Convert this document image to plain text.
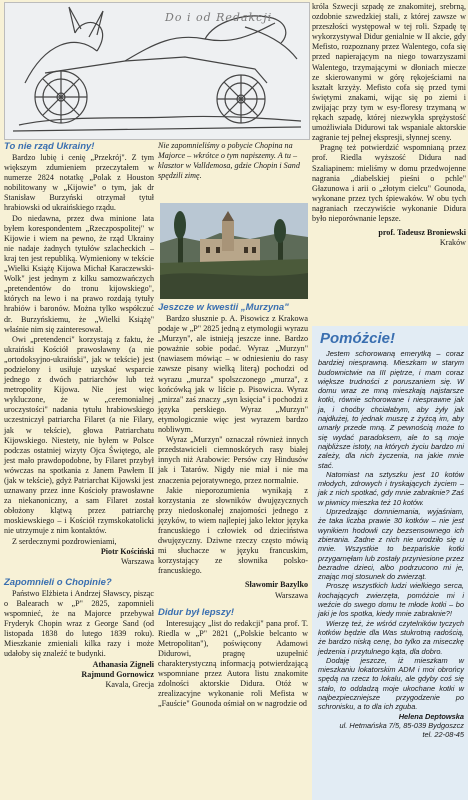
Do i od Redakcji
To nie rząd Ukrainy!

Bardzo lubię i cenię „Przekrój". Z tym większym zdumieniem przeczytałem w numerze 2824 notatkę „Polak z Houston nobilitowany w „Kijowie" o tym, jak dr Stanisław Burzyński otrzymał tytuł hrabiowski od ukraińskiego rządu.

Do niedawna, przez dwa minione lata byłem korespondentem „Rzeczpospolitej" w Kijowie i wiem na pewno, że rząd Ukrainy nie nadaje żadnych tytułów szlacheckich – kraj ten jest republiką. Wymieniony w tekście „Wielki Książę Kijowa Michał Karaczewski-Wolk" jest jednym z kilku samozwańczych „pretendentów do tronu kijowskiego", których na lewo i na prawo rozdają tytuły hrabiów i baronów. Można tylko współczuć dr. Burzyńskiemu, że „Wielki Książę" właśnie nim się zainteresował.

Owi „pretendenci" korzystają z faktu, że ukraiński Kościół prawosławny (a nie „ortodoksyjno-ukraiński", jak w tekście) jest podzielony i usiłuje uzyskać wsparcie jednego z dwóch patriarchów lub też metropolity Kijowa. Nie jest więc wykluczone, że w „ceremonialnej uroczystości" nadania tytułu hrabiowskiego uczestniczył patriarcha Filaret (a nie Filary, jak w tekście), głowa Patriarchatu Kijowskiego. Niestety, nie byłem w Polsce podczas ostatniej wizyty Ojca Świętego, ale jest mało prawdopodobne, by Filaret przybył wówczas na spotkania z Janem Pawłem II (jak w tekście), gdyż Patriarchat Kijowski jest uznawany przez inne Kościoły prawosławne za niekanoniczny, a sam Filaret został obłożony klątwą przez patriarchę moskiewskiego – i Kościół rzymskokatolicki nie utrzymuje z nim kontaktów.

Z serdecznymi pozdrowieniami,

Piotr Kościński
Warszawa
Zapomnieli o Chopinie?

Państwo Elżbieta i Andrzej Sławscy, pisząc o Balearach w „P" 2825, zapomnieli wspomnieć, że na Majorce przebywał Fryderyk Chopin wraz z George Sand (od listopada 1838 do lutego 1839 roku). Mieszkanie zmieniali kilka razy i może udałoby się znaleźć te budynki.

Athanasia Zigneli
Rajmund Gornowicz
Kavala, Grecja
Nie zapomnieliśmy o pobycie Chopina na Majorce – wkrótce o tym napiszemy. A tu – klasztor w Valldemosa, gdzie Chopin i Sand spędzili zimę.
Jeszcze w kwestii „Murzyna"

Bardzo słusznie p. A. Pisowicz z Krakowa podaje w „P" 2825 jedną z etymologii wyrazu „Murzyn", ale istnieją jeszcze inne. Bardzo poważnie sobie podać. Wyraz „Murzyn" (nawiasem mówiąc – w odniesieniu do rasy zawsze pisany wielką literą) pochodzi od wyrazu „murza" spolszczonego „murza", z końcówką jak w liście p. Pisowicza. Wyraz „mirza" zaś znaczy „syn księcia" i pochodzi z języka perskiego. Wyraz „Murzyn" etymologicznie więc jest wyrazem bardzo nobliwym.

Wyraz „Murzyn" oznaczał również innych przedstawicieli ciemnoskórych rasy białej innych niż Arabowie: Persów czy Hindusów jak i Tatarów. Nigdy nie miał i nie ma znaczenia pejoratywnego, przez normalnie.

Jakie nieporozumienia wynikają z korzystania ze słowników dwujęzycznych przy niedoskonałej znajomości jednego z języków, to wiem najlepiej jako lektor języka francuskiego i człowiek od dzieciństwa dwujęzyczny. Dziwne rzeczy często mówią mi słuchacze w języku francuskim, korzystający ze słownika polsko-francuskiego.

Sławomir Bazylko
Warszawa
Didur był lepszy!

Interesujący „list do redakcji" pana prof. T. Riedla w „P" 2821 („Polskie belcanto w Metropolitan"), poświęcony Adamowi Didurowi, pragnę uzupełnić charakterystyczną informacją potwierdzającą wspomniane przez Autora listu znakomite zdolności aktorskie Didura. Otóż w zrealizacyjne wykonanie roli Mefista w „Fauście" Gounoda ośmiał on w nagrodzie od

króla Szwecji szpadę ze znakomitej, srebrną, ozdobnie szwedzkiej stali, z której zawsze w przeszłości występował w tej roli. Szpadę tę wykorzystywał Didur genialnie w II akcie, gdy Mefisto, rozpoznany przez Walentego, cofa się przed napierającym na niego towarzyszami Walentego, trzymającymi w dłoniach miecze ze skierowanymi w górę rękojeściami na kształt krzyży. Mefisto cofa się przed tymi świętymi znakami, wijąc się po ziemi i zwijając przy tym w esy-floresy trzymaną w rękach szpadę, której niezwykła sprężystość umożliwiała Didurowi tak wspaniale aktorskie zagranie tej pełnej ekspresji, słynnej sceny.

Pragnę też potwierdzić wspomnianą przez prof. Riedla wyższość Didura nad Szaliapinem: mieliśmy w domu przedwojenne nagrania „diabelskiej pieśni o pchle" Głazunowa i arii o „złotym cielcu" Gounoda, wykonane przez tych śpiewaków. W obu tych nagraniach rzeczywiście wykonanie Didura było nieporównanie lepsze.

prof. Tadeusz Broniewski
Kraków
Pomóżcie!
Jestem schorowaną emerytką – coraz bardziej niesprawną. Mieszkam w starym budownictwie na III piętrze, i mam coraz większe trudności z poruszaniem się. W domu wraz ze mną mieszkają najstarsze kotki, równie schorowane i niesprawne jak ja, i choćby chciałabym, aby żyły jak najdłużej, to jednak muszę z żyżcą im, aby umarły przede mną. Z pewnością może to się wydać paradoksem, ale to są moje najbliższe istoty, na których życiu bardzo mi zależy, dla nich życzenia, na jakie mnie stać.
Natomiast na sztyszku jest 10 kotów młodych, zdrowych i tryskających życiem – jak z nich spotkać, gdy mnie zabraknie? Zaś w piwnicy mieszka też 10 kotów.
Uprzedzając domniemania, wyjaśniam, że taka liczba prawie 30 kotków – nie jest wynikiem hodowli czy bezsensownego ich zbierania. Żadne z nich nie urodziło się u mnie. Wszystkie to bezpańskie kotki przygarnęłam lub zostały przyniesione przez bezradne dzieci, albo podrzucono mi je, znając moj stosunek do zwierząt.
Proszę wszystkich ludzi wielkiego serca, kochających zwierzęta, pomóżcie mi i weźcie do swego domu te młode kotki – bo jaki je los spotka, kiedy mnie zabraknie?!
Wierzę też, że wśród czytelników tyczych kotków będzie dla Was stukrotną radością, że bardzo niską cenę, bo tylko za miseczkę jedzenia i przytulnego kąta, dla dobro.
Dodaję jeszcze, iż mieszkam w mieszkaniu lokatorskim ADM i moi obrońcy spędą na rzecz to lokalu, ale gdyby coś się stało, to oddadzą moje ukochane kotki w najbezpieczniejsze przygodzenie po schronisku, a to dla ich zguba.
Helena Deptowska
ul. Hetmańska 7/5, 85-039 Bydgoszcz
tel. 22-08-45
